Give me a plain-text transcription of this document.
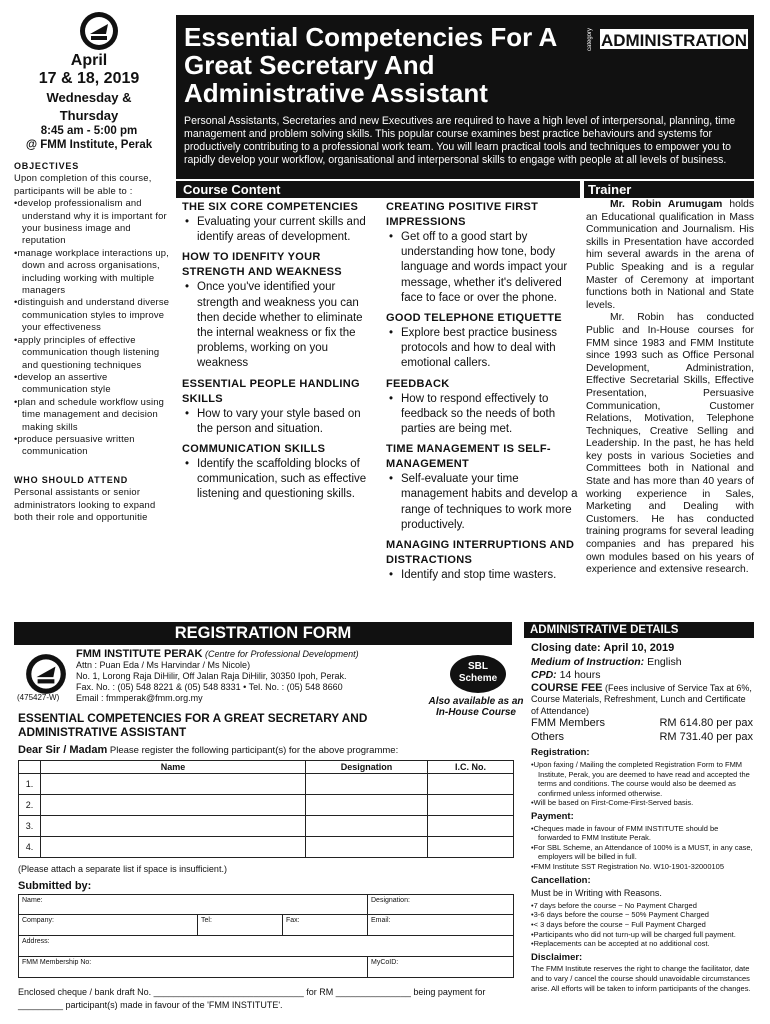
April
17 & 18, 2019
Wednesday &
Thursday
8:45 am - 5:00 pm
@ FMM Institute, Perak
OBJECTIVES
Upon completion of this course, participants will be able to :
• develop professionalism and understand why it is important for your business image and reputation
• manage workplace interactions up, down and across organisations, including working with multiple managers
• distinguish and understand diverse communication styles to improve your effectiveness
• apply principles of effective communication though listening and questioning techniques
• develop an assertive communication style
• plan and schedule workflow using time management and decision making skills
• produce persuasive written communication
WHO SHOULD ATTEND
Personal assistants or senior administrators looking to expand both their role and opportunitie
Essential Competencies For A Great Secretary And Administrative Assistant
category ADMINISTRATION
Personal Assistants, Secretaries and new Executives are required to have a high level of interpersonal, planning, time management and problem solving skills. This popular course examines best practice behaviours and systems for productively contributing to a professional work team. You will learn practical tools and techniques to empower you to rapidly develop your workflow, organisational and interpersonal skills to engage with people at all levels of business.
Course Content	Trainer
THE SIX CORE COMPETENCIES
• Evaluating your current skills and identify areas of development.
HOW TO IDENFITY YOUR STRENGTH AND WEAKNESS
• Once you've identified your strength and weakness you can then decide whether to eliminate the internal weakness or fix the problems, working on you weakness
ESSENTIAL PEOPLE HANDLING SKILLS
• How to vary your style based on the person and situation.
COMMUNICATION SKILLS
• Identify the scaffolding blocks of communication, such as effective listening and questioning skills.
CREATING POSITIVE FIRST IMPRESSIONS
• Get off to a good start by understanding how tone, body language and words impact your message, whether it's delivered face to face or over the phone.
GOOD TELEPHONE ETIQUETTE
• Explore best practice business protocols and how to deal with emotional callers.
FEEDBACK
• How to respond effectively to feedback so the needs of both parties are being met.
TIME MANAGEMENT IS SELF-MANAGEMENT
• Self-evaluate your time management habits and develop a range of techniques to work more productively.
MANAGING INTERRUPTIONS AND DISTRACTIONS
• Identify and stop time wasters.

Mr. Robin Arumugam holds an Educational qualification in Mass Communication and Journalism. His skills in Presentation have accorded him several awards in the arena of Public Speaking and is a regular Master of Ceremony at important functions both in National and State levels.

Mr. Robin has conducted Public and In-House courses for FMM since 1983 and FMM Institute since 1993 such as Office Personal Development, Administration, Effective Secretarial Skills, Effective Presentation, Persuasive Communication, Customer Relations, Motivation, Telephone Techniques, Creative Selling and Leadership. In the past, he has held key posts in various Societies and Committees both in National and State and has more than 40 years of working experience in Sales, Marketing and Dealing with Customers. He has conducted training programs for several leading companies and has prepared his own modules based on his years of experience and extensive research.

REGISTRATION FORM
(475427-W)
FMM INSTITUTE PERAK (Centre for Professional Development)
Attn : Puan Eda / Ms Harvindar / Ms Nicole)
No. 1, Lorong Raja DiHilir, Off Jalan Raja DiHilir, 30350 Ipoh, Perak.
Fax. No. : (05) 548 8221 & (05) 548 8331 • Tel. No. : (05) 548 8660
Email : fmmperak@fmm.org.my
SBL
Scheme
Also available as an In-House Course
ESSENTIAL COMPETENCIES FOR A GREAT SECRETARY AND ADMINISTRATIVE ASSISTANT
Dear Sir / Madam Please register the following participant(s) for the above programme:
	Name	Designation	I.C. No.
1.			
2.			
3.			
4.			
(Please attach a separate list if space is insufficient.)
Submitted by:
Name:	Designation:
Company:	Tel:	Fax:	Email:
Address:
FMM Membership No:	MyCoID:
Enclosed cheque / bank draft No. ______________________________ for RM _______________ being payment for _________ participant(s) made in favour of the 'FMM INSTITUTE'.
ADMINISTRATIVE DETAILS
Closing date: April 10, 2019
Medium of Instruction: English
CPD: 14 hours
COURSE FEE (Fees inclusive of Service Tax at 6%, Course Materials, Refreshment, Lunch and Certificate of Attendance)
FMM Members	RM 614.80 per pax
Others	RM 731.40 per pax
Registration:
• Upon faxing / Mailing the completed Registration Form to FMM Institute, Perak, you are deemed to have read and accepted the terms and conditions. The course would also be deemed as confirmed unless informed otherwise.
• Will be based on First-Come-First-Served basis.
Payment:
• Cheques made in favour of FMM INSTITUTE should be forwarded to FMM Institute Perak.
• For SBL Scheme, an Attendance of 100% is a MUST, in any case, employers will be billed in full.
• FMM Institute SST Registration No. W10-1901-32000105
Cancellation:
Must be in Writing with Reasons.
• 7 days before the course ~ No Payment Charged
• 3-6 days before the course ~ 50% Payment Charged
• < 3 days before the course ~ Full Payment Charged
• Participants who did not turn-up will be charged full payment.
• Replacements can be accepted at no additional cost.
Disclaimer:
The FMM Institute reserves the right to change the facilitator, date and to vary / cancel the course should unavoidable circumstances arise. All efforts will be taken to inform participants of the changes.
